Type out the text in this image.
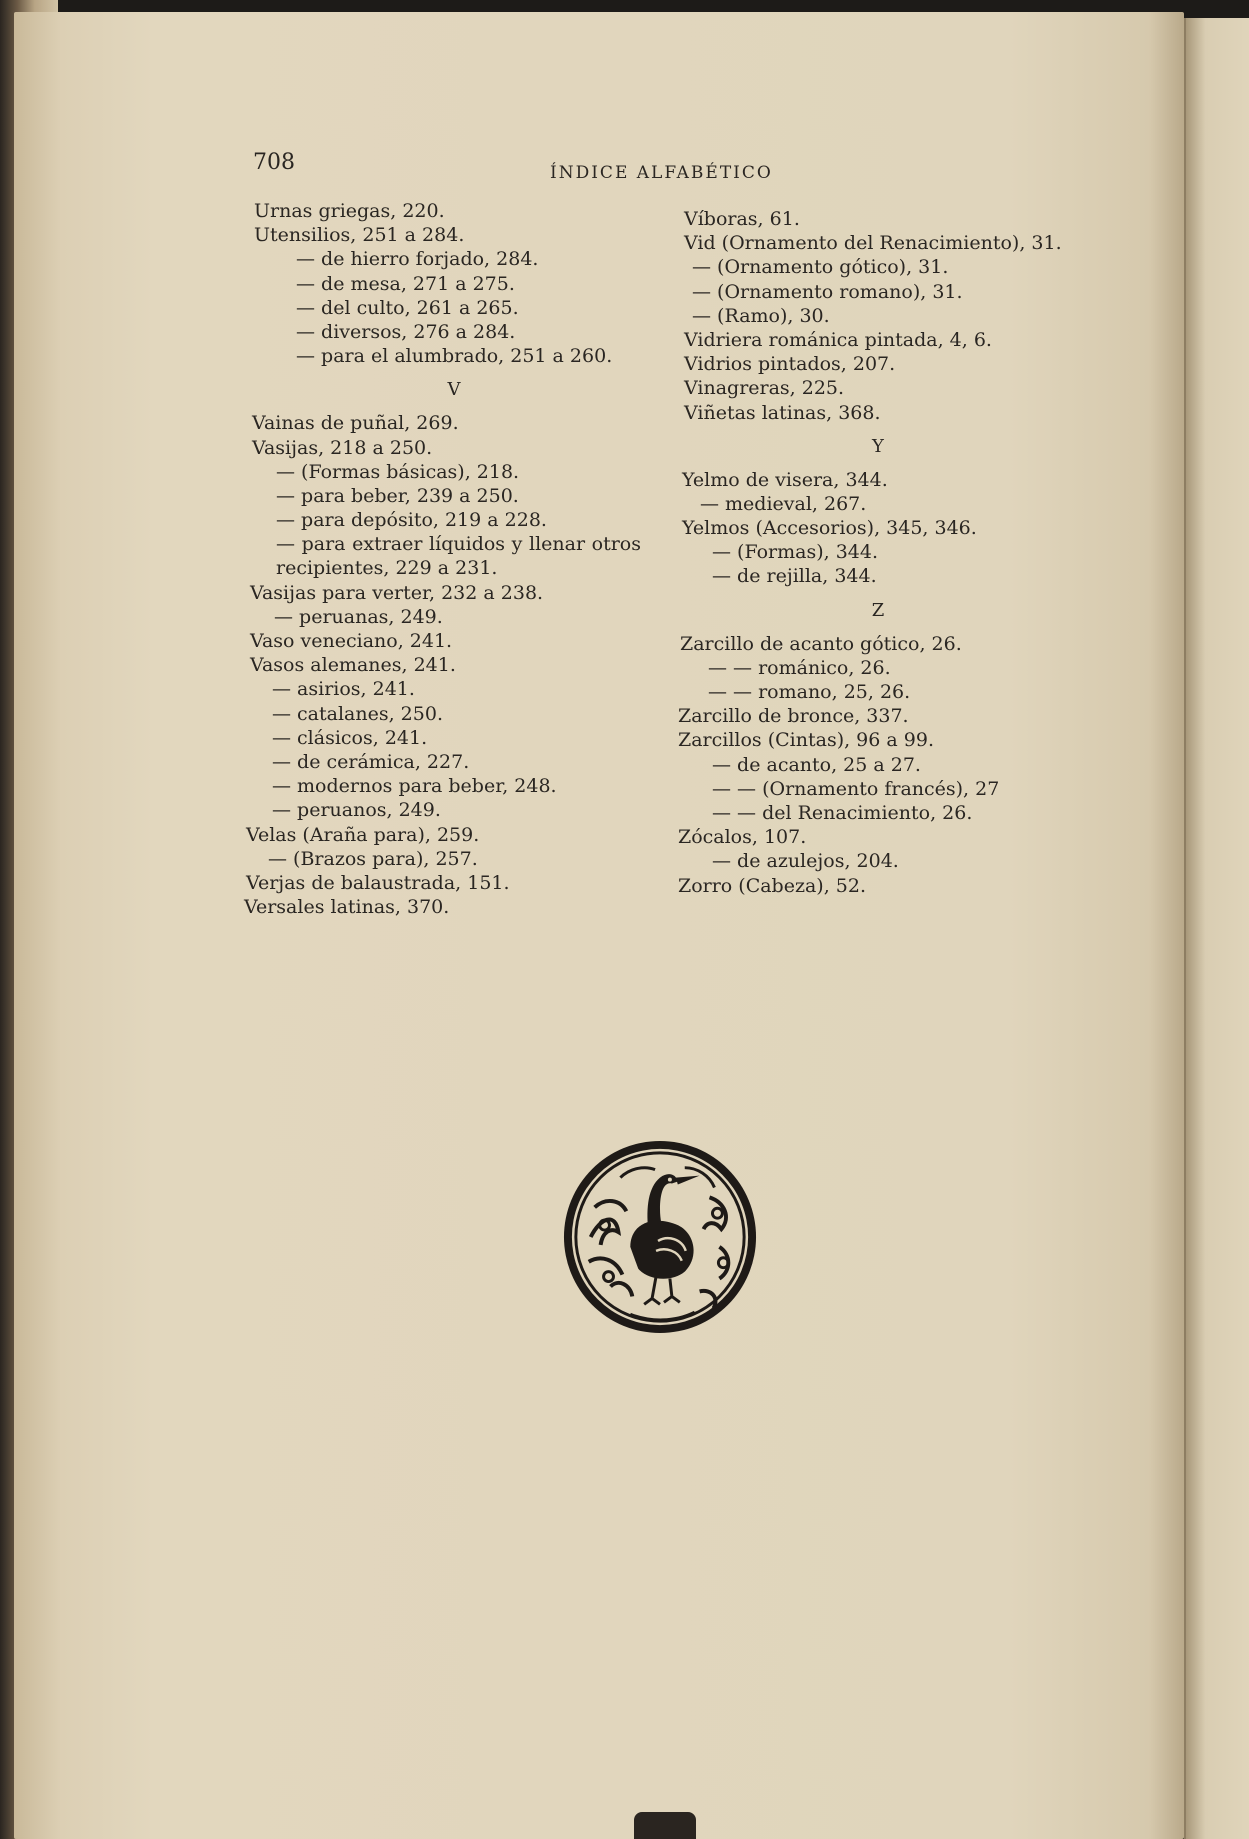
708	ÍNDICE ALFABÉTICO
Urnas griegas, 220.
Utensilios, 251 a 284.
— de hierro forjado, 284.
— de mesa, 271 a 275.
— del culto, 261 a 265.
— diversos, 276 a 284.
— para el alumbrado, 251 a 260.
V
Vainas de puñal, 269.
Vasijas, 218 a 250.
— (Formas básicas), 218.
— para beber, 239 a 250.
— para depósito, 219 a 228.
— para extraer líquidos y llenar otros recipientes, 229 a 231.
Vasijas para verter, 232 a 238.
— peruanas, 249.
Vaso veneciano, 241.
Vasos alemanes, 241.
— asirios, 241.
— catalanes, 250.
— clásicos, 241.
— de cerámica, 227.
— modernos para beber, 248.
— peruanos, 249.
Velas (Araña para), 259.
— (Brazos para), 257.
Verjas de balaustrada, 151.
Versales latinas, 370.
Víboras, 61.
Vid (Ornamento del Renacimiento), 31.
— (Ornamento gótico), 31.
— (Ornamento romano), 31.
— (Ramo), 30.
Vidriera románica pintada, 4, 6.
Vidrios pintados, 207.
Vinagreras, 225.
Viñetas latinas, 368.
Y
Yelmo de visera, 344.
— medieval, 267.
Yelmos (Accesorios), 345, 346.
— (Formas), 344.
— de rejilla, 344.
Z
Zarcillo de acanto gótico, 26.
— — románico, 26.
— — romano, 25, 26.
Zarcillo de bronce, 337.
Zarcillos (Cintas), 96 a 99.
— de acanto, 25 a 27.
— — (Ornamento francés), 27
— — del Renacimiento, 26.
Zócalos, 107.
— de azulejos, 204.
Zorro (Cabeza), 52.
